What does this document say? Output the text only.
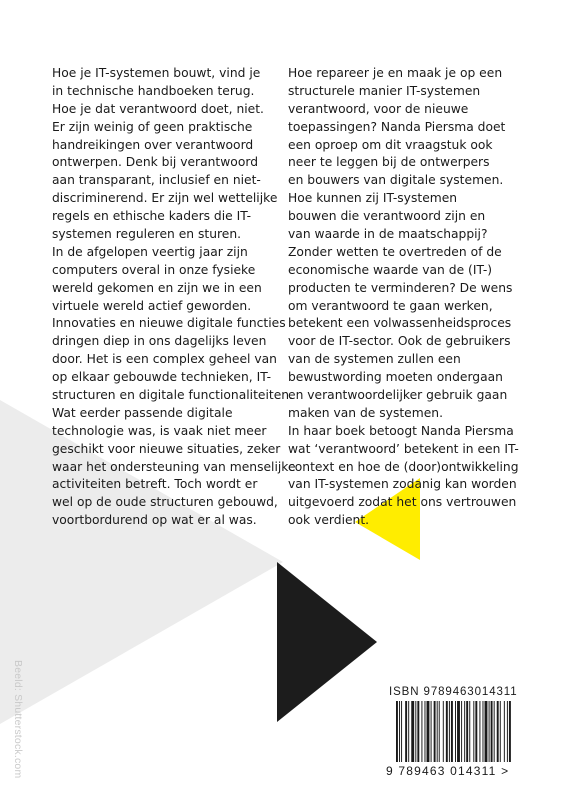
Hoe je IT-systemen bouwt, vind je
in technische handboeken terug.
Hoe je dat verantwoord doet, niet.
Er zijn weinig of geen praktische
handreikingen over verantwoord
ontwerpen. Denk bij verantwoord
aan transparant, inclusief en niet-
discriminerend. Er zijn wel wettelijke
regels en ethische kaders die IT-
systemen reguleren en sturen.
In de afgelopen veertig jaar zijn
computers overal in onze fysieke
wereld gekomen en zijn we in een
virtuele wereld actief geworden.
Innovaties en nieuwe digitale functies
dringen diep in ons dagelijks leven
door. Het is een complex geheel van
op elkaar gebouwde technieken, IT-
structuren en digitale functionaliteiten.
Wat eerder passende digitale
technologie was, is vaak niet meer
geschikt voor nieuwe situaties, zeker
waar het ondersteuning van menselijke
activiteiten betreft. Toch wordt er
wel op de oude structuren gebouwd,
voortbordurend op wat er al was.
Hoe repareer je en maak je op een
structurele manier IT-systemen
verantwoord, voor de nieuwe
toepassingen? Nanda Piersma doet
een oproep om dit vraagstuk ook
neer te leggen bij de ontwerpers
en bouwers van digitale systemen.
Hoe kunnen zij IT-systemen
bouwen die verantwoord zijn en
van waarde in de maatschappij?
Zonder wetten te overtreden of de
economische waarde van de (IT-)
producten te verminderen? De wens
om verantwoord te gaan werken,
betekent een volwassenheidsproces
voor de IT-sector. Ook de gebruikers
van de systemen zullen een
bewustwording moeten ondergaan
en verantwoordelijker gebruik gaan
maken van de systemen.
In haar boek betoogt Nanda Piersma
wat ‘verantwoord’ betekent in een IT-
context en hoe de (door)ontwikkeling
van IT-systemen zodanig kan worden
uitgevoerd zodat het ons vertrouwen
ook verdient.
Beeld: Shutterstock.com	ISBN 9789463014311
9 789463 014311 >
